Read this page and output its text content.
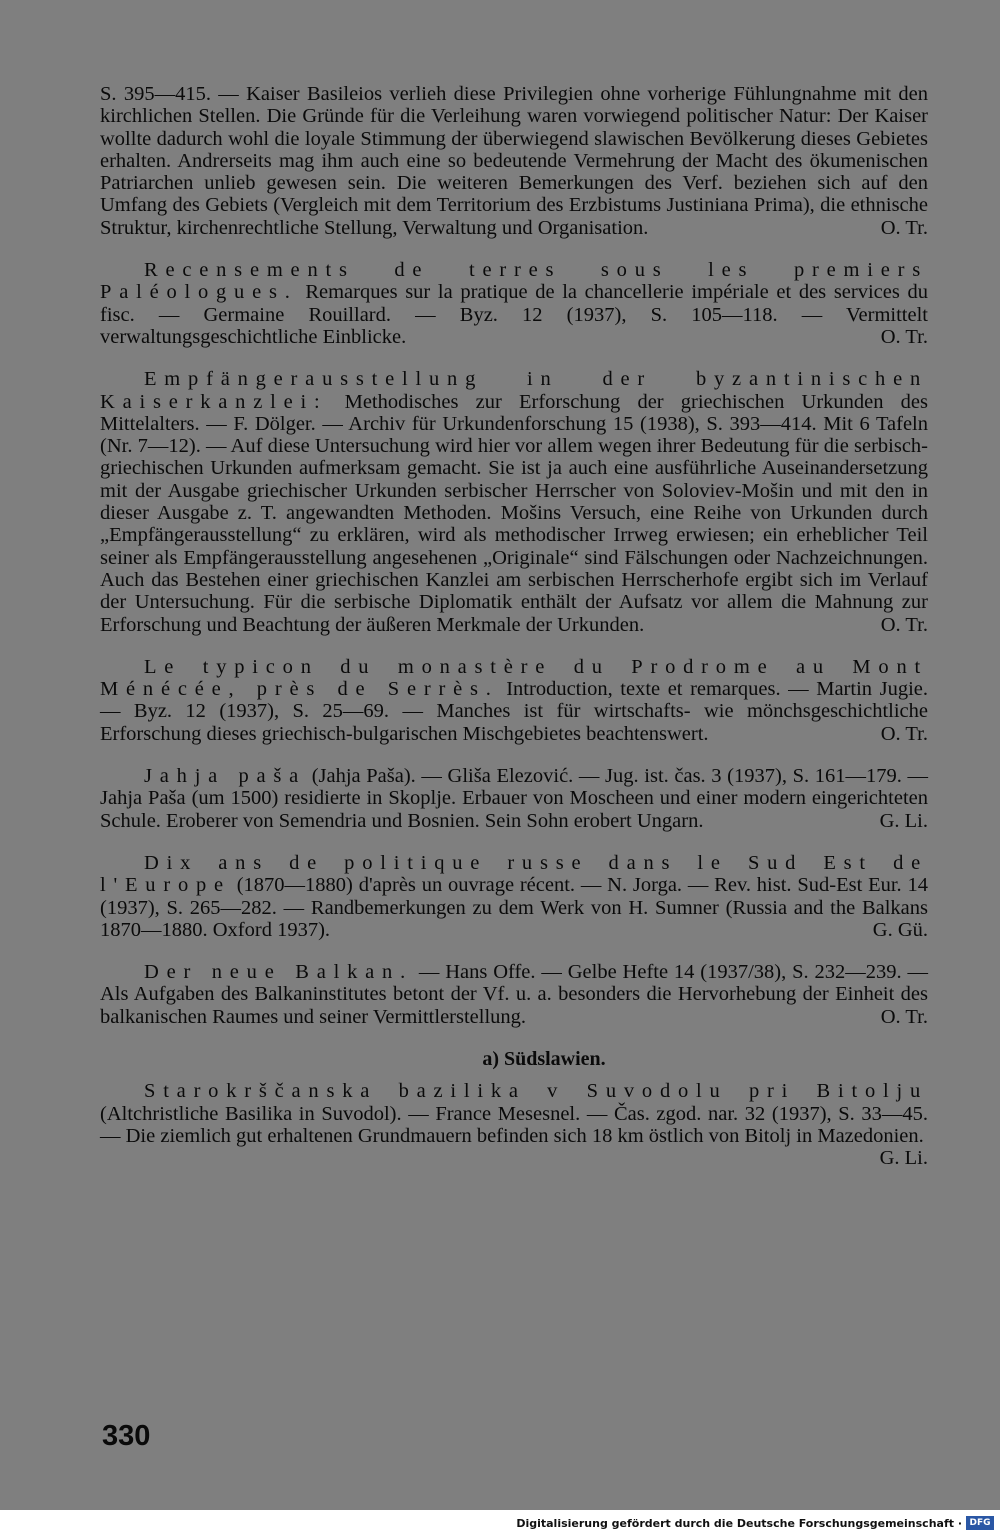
S. 395—415. — Kaiser Basileios verlieh diese Privilegien ohne vorherige Fühlungnahme mit den kirchlichen Stellen. Die Gründe für die Verleihung waren vorwiegend politischer Natur: Der Kaiser wollte dadurch wohl die loyale Stimmung der überwiegend slawischen Bevölkerung dieses Gebietes erhalten. Andrerseits mag ihm auch eine so bedeutende Vermehrung der Macht des ökumenischen Patriarchen unlieb gewesen sein. Die weiteren Bemerkungen des Verf. beziehen sich auf den Umfang des Gebiets (Vergleich mit dem Territorium des Erzbistums Justiniana Prima), die ethnische Struktur, kirchenrechtliche Stellung, Verwaltung und Organisation.	O. Tr.

Recensements de terres sous les premiers Paléologues. Remarques sur la pratique de la chancellerie impériale et des services du fisc. — Germaine Rouillard. — Byz. 12 (1937), S. 105—118. — Vermittelt verwaltungsgeschichtliche Einblicke.	O. Tr.

Empfängerausstellung in der byzantinischen Kaiserkanzlei: Methodisches zur Erforschung der griechischen Urkunden des Mittelalters. — F. Dölger. — Archiv für Urkundenforschung 15 (1938), S. 393—414. Mit 6 Tafeln (Nr. 7—12). — Auf diese Untersuchung wird hier vor allem wegen ihrer Bedeutung für die serbisch-griechischen Urkunden aufmerksam gemacht. Sie ist ja auch eine ausführliche Auseinandersetzung mit der Ausgabe griechischer Urkunden serbischer Herrscher von Soloviev-Mošin und mit den in dieser Ausgabe z. T. angewandten Methoden. Mošins Versuch, eine Reihe von Urkunden durch „Empfängerausstellung“ zu erklären, wird als methodischer Irrweg erwiesen; ein erheblicher Teil seiner als Empfängerausstellung angesehenen „Originale“ sind Fälschungen oder Nachzeichnungen. Auch das Bestehen einer griechischen Kanzlei am serbischen Herrscherhofe ergibt sich im Verlauf der Untersuchung. Für die serbische Diplomatik enthält der Aufsatz vor allem die Mahnung zur Erforschung und Beachtung der äußeren Merkmale der Urkunden.	O. Tr.

Le typicon du monastère du Prodrome au Mont Ménécée, près de Serrès. Introduction, texte et remarques. — Martin Jugie. — Byz. 12 (1937), S. 25—69. — Manches ist für wirtschafts- wie mönchsgeschichtliche Erforschung dieses griechisch-bulgarischen Mischgebietes beachtenswert.	O. Tr.

Jahja paša (Jahja Paša). — Gliša Elezović. — Jug. ist. čas. 3 (1937), S. 161—179. — Jahja Paša (um 1500) residierte in Skoplje. Erbauer von Moscheen und einer modern eingerichteten Schule. Eroberer von Semendria und Bosnien. Sein Sohn erobert Ungarn.	G. Li.

Dix ans de politique russe dans le Sud Est de l'Europe (1870—1880) d'après un ouvrage récent. — N. Jorga. — Rev. hist. Sud-Est Eur. 14 (1937), S. 265—282. — Randbemerkungen zu dem Werk von H. Sumner (Russia and the Balkans 1870—1880. Oxford 1937).	G. Gü.

Der neue Balkan. — Hans Offe. — Gelbe Hefte 14 (1937/38), S. 232—239. — Als Aufgaben des Balkaninstitutes betont der Vf. u. a. besonders die Hervorhebung der Einheit des balkanischen Raumes und seiner Vermittlerstellung.	O. Tr.

a) Südslawien.

Starokrščanska bazilika v Suvodolu pri Bitolju (Altchristliche Basilika in Suvodol). — France Mesesnel. — Čas. zgod. nar. 32 (1937), S. 33—45. — Die ziemlich gut erhaltenen Grundmauern befinden sich 18 km östlich von Bitolj in Mazedonien.
G. Li.

330
Digitalisierung gefördert durch die Deutsche Forschungsgemeinschaft · DFG
